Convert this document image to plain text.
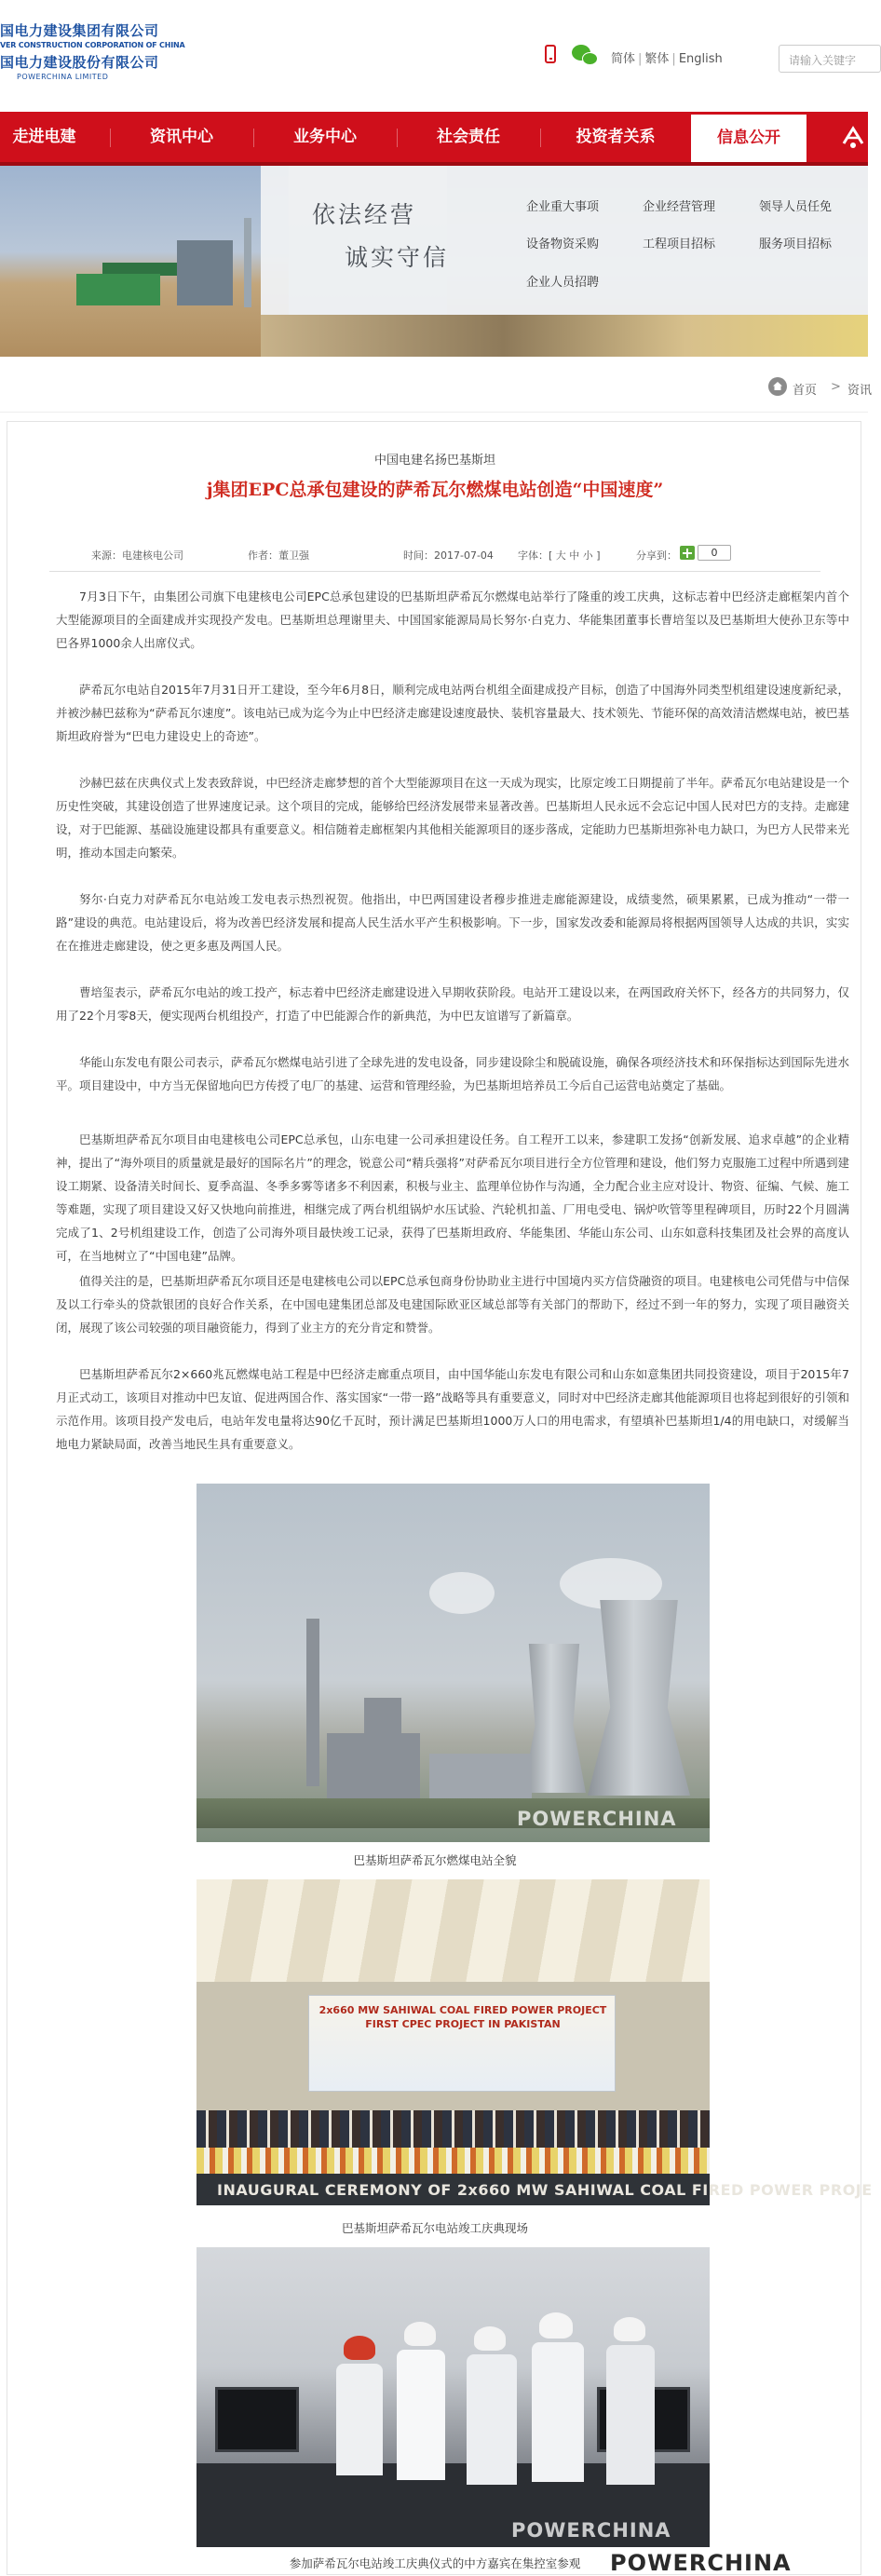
国电力建设集团有限公司
VER CONSTRUCTION CORPORATION OF CHINA
国电力建设股份有限公司
POWERCHINA LIMITED
简体 | 繁体 | English	请输入关键字
走进电建	资讯中心	业务中心	社会责任	投资者关系	信息公开
依法经营
诚实守信
企业重大事项	企业经营管理	领导人员任免
设备物资采购	工程项目招标	服务项目招标
企业人员招聘
首页 > 资讯
中国电建名扬巴基斯坦
j集团EPC总承包建设的萨希瓦尔燃煤电站创造“中国速度”
来源：电建核电公司	作者：董卫强	时间：2017-07-04 字体：[ 大 中 小 ]	分享到：	0

7月3日下午，由集团公司旗下电建核电公司EPC总承包建设的巴基斯坦萨希瓦尔燃煤电站举行了隆重的竣工庆典，这标志着中巴经济走廊框架内首个大型能源项目的全面建成并实现投产发电。巴基斯坦总理谢里夫、中国国家能源局局长努尔·白克力、华能集团董事长曹培玺以及巴基斯坦大使孙卫东等中巴各界1000余人出席仪式。

萨希瓦尔电站自2015年7月31日开工建设，至今年6月8日，顺利完成电站两台机组全面建成投产目标，创造了中国海外同类型机组建设速度新纪录，并被沙赫巴兹称为“萨希瓦尔速度”。该电站已成为迄今为止中巴经济走廊建设速度最快、装机容量最大、技术领先、节能环保的高效清洁燃煤电站，被巴基斯坦政府誉为“巴电力建设史上的奇迹”。

沙赫巴兹在庆典仪式上发表致辞说，中巴经济走廊梦想的首个大型能源项目在这一天成为现实，比原定竣工日期提前了半年。萨希瓦尔电站建设是一个历史性突破，其建设创造了世界速度记录。这个项目的完成，能够给巴经济发展带来显著改善。巴基斯坦人民永远不会忘记中国人民对巴方的支持。走廊建设，对于巴能源、基础设施建设都具有重要意义。相信随着走廊框架内其他相关能源项目的逐步落成，定能助力巴基斯坦弥补电力缺口，为巴方人民带来光明，推动本国走向繁荣。

努尔·白克力对萨希瓦尔电站竣工发电表示热烈祝贺。他指出，中巴两国建设者穆步推进走廊能源建设，成绩斐然，硕果累累，已成为推动“一带一路”建设的典范。电站建设后，将为改善巴经济发展和提高人民生活水平产生积极影响。下一步，国家发改委和能源局将根据两国领导人达成的共识，实实在在推进走廊建设，使之更多惠及两国人民。

曹培玺表示，萨希瓦尔电站的竣工投产，标志着中巴经济走廊建设进入早期收获阶段。电站开工建设以来，在两国政府关怀下，经各方的共同努力，仅用了22个月零8天，便实现两台机组投产，打造了中巴能源合作的新典范，为中巴友谊谱写了新篇章。

华能山东发电有限公司表示，萨希瓦尔燃煤电站引进了全球先进的发电设备，同步建设除尘和脱硫设施，确保各项经济技术和环保指标达到国际先进水平。项目建设中，中方当无保留地向巴方传授了电厂的基建、运营和管理经验，为巴基斯坦培养员工今后自己运营电站奠定了基础。

巴基斯坦萨希瓦尔项目由电建核电公司EPC总承包，山东电建一公司承担建设任务。自工程开工以来，参建职工发扬“创新发展、追求卓越”的企业精神，提出了“海外项目的质量就是最好的国际名片”的理念，锐意公司“精兵强将”对萨希瓦尔项目进行全方位管理和建设，他们努力克服施工过程中所遇到建设工期紧、设备清关时间长、夏季高温、冬季多雾等诸多不利因素，积极与业主、监理单位协作与沟通，全力配合业主应对设计、物资、征编、气候、施工等难题，实现了项目建设又好又快地向前推进，相继完成了两台机组锅炉水压试验、汽轮机扣盖、厂用电受电、锅炉吹管等里程碑项目，历时22个月圆满完成了1、2号机组建设工作，创造了公司海外项目最快竣工记录，获得了巴基斯坦政府、华能集团、华能山东公司、山东如意科技集团及社会界的高度认可，在当地树立了“中国电建”品牌。

值得关注的是，巴基斯坦萨希瓦尔项目还是电建核电公司以EPC总承包商身份协助业主进行中国境内买方信贷融资的项目。电建核电公司凭借与中信保及以工行牵头的贷款银团的良好合作关系，在中国电建集团总部及电建国际欧亚区域总部等有关部门的帮助下，经过不到一年的努力，实现了项目融资关闭，展现了该公司较强的项目融资能力，得到了业主方的充分肯定和赞誉。

巴基斯坦萨希瓦尔2×660兆瓦燃煤电站工程是中巴经济走廊重点项目，由中国华能山东发电有限公司和山东如意集团共同投资建设，项目于2015年7月正式动工，该项目对推动中巴友谊、促进两国合作、落实国家“一带一路”战略等具有重要意义，同时对中巴经济走廊其他能源项目也将起到很好的引领和示范作用。该项目投产发电后，电站年发电量将达90亿千瓦时，预计满足巴基斯坦1000万人口的用电需求，有望填补巴基斯坦1/4的用电缺口，对缓解当地电力紧缺局面，改善当地民生具有重要意义。

POWERCHINA
巴基斯坦萨希瓦尔燃煤电站全貌
2x660 MW SAHIWAL COAL FIRED POWER PROJECT
FIRST CPEC PROJECT IN PAKISTAN
INAUGURAL CEREMONY OF 2x660 MW SAHIWAL COAL FIRED POWER PROJE
巴基斯坦萨希瓦尔电站竣工庆典现场
POWERCHINA
参加萨希瓦尔电站竣工庆典仪式的中方嘉宾在集控室参观	POWERCHINA
